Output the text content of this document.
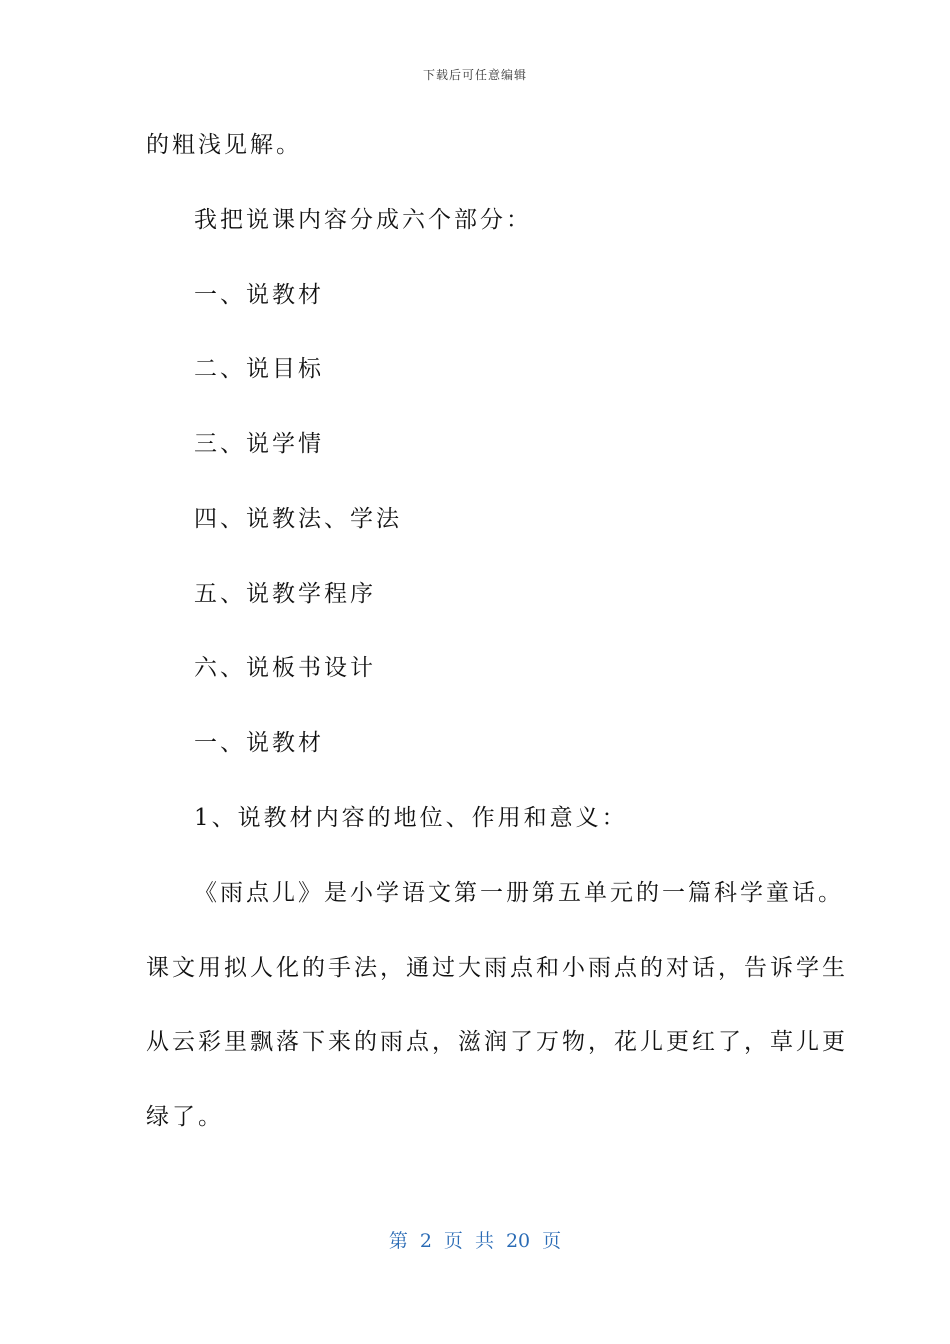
下载后可任意编辑
的粗浅见解。
我把说课内容分成六个部分：
一、说教材
二、说目标
三、说学情
四、说教法、学法
五、说教学程序
六、说板书设计
一、说教材
1、说教材内容的地位、作用和意义：
《雨点儿》是小学语文第一册第五单元的一篇科学童话。
课文用拟人化的手法，通过大雨点和小雨点的对话，告诉学生
从云彩里飘落下来的雨点，滋润了万物，花儿更红了，草儿更
绿了。
第 2 页 共 20 页
